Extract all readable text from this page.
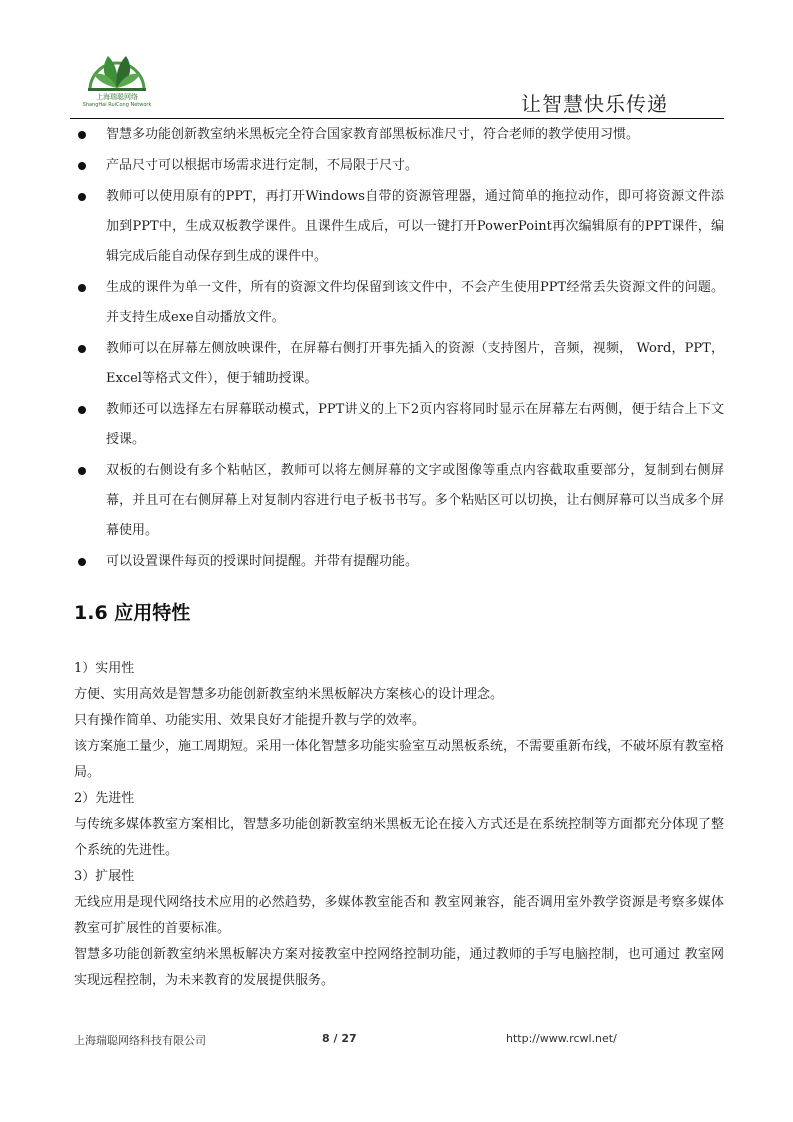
上海瑞聪网络
ShangHai RuiCong Network	让智慧快乐传递
智慧多功能创新教室纳米黑板完全符合国家教育部黑板标准尺寸，符合老师的教学使用习惯。
产品尺寸可以根据市场需求进行定制，不局限于尺寸。
教师可以使用原有的PPT，再打开Windows自带的资源管理器，通过简单的拖拉动作，即可将资源文件添加到PPT中，生成双板教学课件。且课件生成后，可以一键打开PowerPoint再次编辑原有的PPT课件，编辑完成后能自动保存到生成的课件中。
生成的课件为单一文件，所有的资源文件均保留到该文件中，不会产生使用PPT经常丢失资源文件的问题。并支持生成exe自动播放文件。
教师可以在屏幕左侧放映课件，在屏幕右侧打开事先插入的资源（支持图片，音频，视频， Word，PPT，Excel等格式文件），便于辅助授课。
教师还可以选择左右屏幕联动模式，PPT讲义的上下2页内容将同时显示在屏幕左右两侧，便于结合上下文授课。
双板的右侧设有多个粘帖区，教师可以将左侧屏幕的文字或图像等重点内容截取重要部分，复制到右侧屏幕，并且可在右侧屏幕上对复制内容进行电子板书书写。多个粘贴区可以切换，让右侧屏幕可以当成多个屏幕使用。
可以设置课件每页的授课时间提醒。并带有提醒功能。
1.6 应用特性

1）实用性

方便、实用高效是智慧多功能创新教室纳米黑板解决方案核心的设计理念。

只有操作简单、功能实用、效果良好才能提升教与学的效率。

该方案施工量少，施工周期短。采用一体化智慧多功能实验室互动黑板系统，不需要重新布线，不破坏原有教室格局。

2）先进性

与传统多媒体教室方案相比，智慧多功能创新教室纳米黑板无论在接入方式还是在系统控制等方面都充分体现了整个系统的先进性。

3）扩展性

无线应用是现代网络技术应用的必然趋势，多媒体教室能否和 教室网兼容，能否调用室外教学资源是考察多媒体教室可扩展性的首要标准。

智慧多功能创新教室纳米黑板解决方案对接教室中控网络控制功能，通过教师的手写电脑控制，也可通过 教室网实现远程控制，为未来教育的发展提供服务。

上海瑞聪网络科技有限公司	8 / 27	http://www.rcwl.net/
